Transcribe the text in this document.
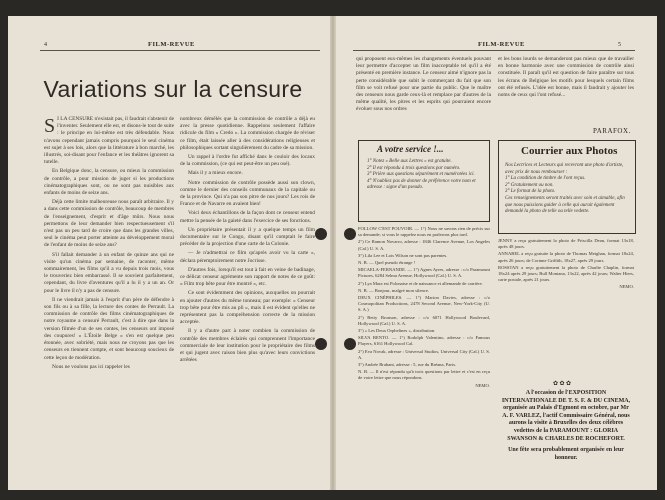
4	FILM-REVUE
Variations sur la censure

S I LA CENSURE n'existait pas, il faudrait s'abstenir de l'inventer. Seulement elle est, et disons-le tout de suite : le principe en lui-même est très défendable. Nous n'avons cependant jamais compris pourquoi le seul cinéma est sujet à ses lois, alors que la littérature à bon marché, les illustrés, soi-disant pour l'enfance et les théâtres ignorent sa tutelle.

En Belgique donc, la censure, ou mieux la commission de contrôle, a pour mission de juger si les productions cinématographiques sont, ou ne sont pas nuisibles aux enfants de moins de seize ans.

Déjà cette limite malheureuse nous paraît arbitraire. Il y a dans cette commission de contrôle, beaucoup de membres de l'enseignement, d'esprit et d'âge mûrs. Nous nous permettons de leur demander bien respectueusement s'il n'est pas un peu tard de croire que dans les grandes villes, seul le cinéma peut porter atteinte au développement moral de l'enfant de moins de seize ans?

S'il fallait demander à un enfant de quinze ans qui ne visite qu'un cinéma par semaine, de raconter, même sommairement, les films qu'il a vu depuis trois mois, vous le trouveriez bien embarrassé. Il se souvient parfaitement, cependant, du livre d'aventures qu'il a lu il y a un an. Or pour le livre il n'y a pas de censure.

Il ne viendrait jamais à l'esprit d'un père de défendre à son fils ou à sa fille, la lecture des contes de Perrault. La commission de contrôle des films cinématographiques de notre royaume a censuré Perrault, c'est à dire que dans la version filmée d'un de ses contes, les censeurs ont imposé des coupures! « L'Étoile Belge » s'en est quelque peu étonnée, avec sobriété, mais nous ne croyons pas que les censeurs en tiennent compte, et sont beaucoup soucieux de cette leçon de modération.

Nous ne voulons pas ici rappeler les

nombreux démêlés que la commission de contrôle a déjà eu avec la presse quotidienne. Rappelons seulement l'affaire ridicule du film « Credo ». La commission chargée de réviser ce film, était laissée aller à des considérations religieuses et philosophiques sortant singulièrement du cadre de sa mission.

Un rappel à l'ordre fut affiché dans le couloir des locaux de la commission, (ce qui est peut-être un peu osé).

Mais il y a mieux encore.

Notre commission de contrôle possède aussi son clown, comme le dernier des conseils communaux de la capitale ou de la province. Qui n'a pas son pitre de nos jours? Les rois de France et de Navarre en avaient bien!

Voici deux échantillons de la façon dont ce censeur entend mettre la pensée de la gaieté dans l'exercice de ses fonctions.

Un propriétaire présentait il y a quelque temps un film documentaire sur le Congo, disant qu'il comptait le faire précéder de la projection d'une carte de la Colonie.

— Je n'admettrai ce film qu'après avoir vu la carte », déclara péremptoirement notre Jocrisse.

D'autres fois, lorsqu'il est tout à fait en veine de badinage, ce délicat censeur agrémente son rapport de notes de ce goût: « Film trop bête pour être montré », etc.

Ce sont évidemment des opinions, auxquelles on pourrait en ajouter d'autres du même tonneau; par exemple: « Censeur trop bête pour être mis au pli », mais il est évident qu'elles ne représentent pas la compréhension correcte de la mission acceptée.

Il y a d'autre part à noter combien la commission de contrôle des membres éclairés qui comprennent l'importance commerciale de leur institution pour le propriétaire des films et qui jugent avec raison bien plus qu'avec leurs convictions arrêtées

FILM-REVUE	5

qui proposent eux-mêmes les changements éventuels pouvant leur permettre d'accepter un film inacceptable tel qu'il a été présenté en première instance. Le censeur aimé n'ignore pas la perte considérable que subit le commerçant du fait que son film se voit refusé pour une partie du public. Que le maître des censeurs nous garde ceux-là et remplace par d'autres de la même qualité, les pitres et les esprits qui pourraient encore évoluer sous nos ordres

et les bons lourds se demanderont pas mieux que de travailler en bonne harmonie avec une commission de contrôle ainsi constituée. Il paraît qu'il est question de faire paraître sur tous les écrans de Belgique les motifs pour lesquels certain films ont été refusés. L'idée est bonne, mais il faudrait y ajouter les noms de ceux qui l'ont refusé...

PARAFOX.
A votre service !...

1° Notez « Belle aux Lettres » est gratuite.

2° Il est répondu à trois questions par numéro.

3° Prière aux questions séparément et numérotées ici.

4° N'oubliez pas de donner de préférence votre nom et adresse : signe d'un pseudo.

Courrier aux Photos

Nos Lectrices et Lecteurs qui recevront une photo d'artiste, avec prix de nous rembourser :

1° La condition de timbre de l'ont reçus.

2° Gratuitement ou non.

3° Le format de la photo.

Ces renseignements seront traités avec soin et aimable, afin que nous puissions guider à celle qui aurait également demandé la photo de telle ou telle vedette.

FOLLOW C'EST POUVOIR. — 1°) Nous ne savons rien de précis sur sa demande; si vous le rappelez nous en parlerons plus tard.

2°) Ce Ramon Novarro, adresse : 1846 Clarence Avenue, Los Angeles (Cal.) U. S. A.

3°) Lila Lee et Lois Wilson ne sont pas parentes.

N. B. — Quel pseudo étrange !

MICAELA-FERNANDE. — 1°) Agnes Ayres, adresse : c/o Paramount Pictures, 6284 Selma Avenue, Hollywood (Cal.) U. S. A.

2°) Lya Mara est Polonaise et de naissance et allemande de carrière.

N. B. — Bonjour, malgré mon silence.

DEUX CINÉPHILES. — 1°) Marion Davies, adresse : c/o Cosmopolitan Productions, 2478 Second Avenue, New-York-City (U. S. A.)

2°) Betty Bronson, adresse : c/o 6071 Hollywood Boulevard, Hollywood (Cal.) U. S. A.

3°) « Les Deux Orphelines », distribution.

SILVA BENTO. — 1°) Rodolph Valentino, adresse : c/o Famous Players, 6161 Hollywood Cal.

2°) Eva Novak, adresse : Universal Studios, Universal City (Cal.) U. S. A.

3°) Andrée Brabant, adresse : 5, rue du Bréana, Paris.

N. B. — Il n'est répondu qu'à trois questions par lettre et c'est en reçu de votre lettre que nous répondons.

NEMO.

JENNY a reçu gratuitement la photo de Priscilla Dean, format 13x18, après 48 jours.

ANNABEL a reçu gratuite la photo de Thomas Meighan, format 18x24, après 26 jours; de Corinne Griffith, 18x27, après 29 jours.

ROSSTAN a reçu gratuitement la photo de Charlie Chaplin, format 18x24 après 29 jours; Bull Montana, 13x22, après 42 jours; Walter Hiers, carte postale, après 21 jours.

NEMO.

✿ ✿ ✿
A l'occasion de l'EXPOSITION INTERNATIONALE DE T. S. F. & DU CINEMA, organisée au Palais d'Egmont en octobre, par Mr A. F. VARLEZ, l'actif Commissaire Général, nous aurons la visite à Bruxelles des deux célèbres vedettes de la PARAMOUNT : GLORIA SWANSON & CHARLES DE ROCHEFORT.
Une fête sera probablement organisée en leur honneur.
